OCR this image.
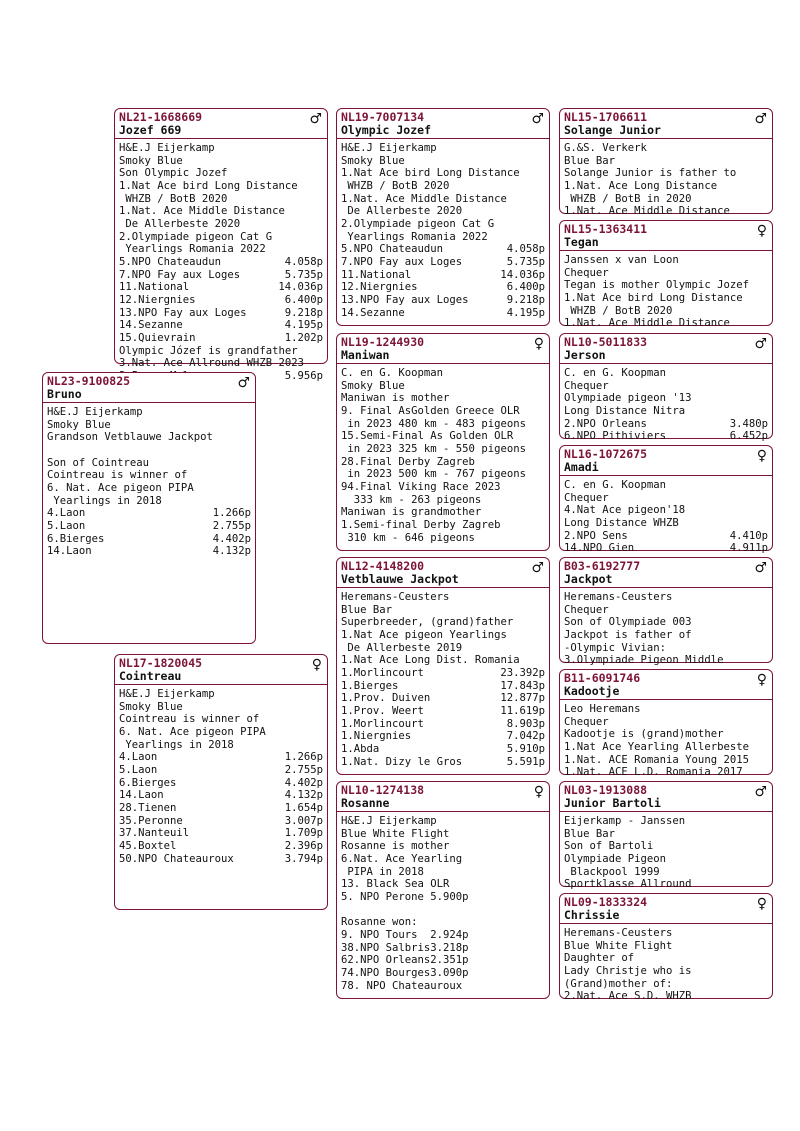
NL21-1668669
Jozef 669
♂
H&E.J Eijerkamp
Smoky Blue
Son Olympic Jozef
1.Nat Ace bird Long Distance
WHZB / BotB 2020
1.Nat. Ace Middle Distance
De Allerbeste 2020
2.Olympiade pigeon Cat G
Yearlings Romania 2022
5.NPO Chateaudun	4.058p
7.NPO Fay aux Loges	5.735p
11.National	14.036p
12.Niergnies	6.400p
13.NPO Fay aux Loges	9.218p
14.Sezanne	4.195p
15.Quievrain	1.202p
Olympic Józef is grandfather
3.Nat. Ace Allround WHZB 2023
5.956p
NL19-7007134
Olympic Jozef
♂
H&E.J Eijerkamp
Smoky Blue
1.Nat Ace bird Long Distance
WHZB / BotB 2020
1.Nat. Ace Middle Distance
De Allerbeste 2020
2.Olympiade pigeon Cat G
Yearlings Romania 2022
5.NPO Chateaudun	4.058p
7.NPO Fay aux Loges	5.735p
11.National	14.036p
12.Niergnies	6.400p
13.NPO Fay aux Loges	9.218p
14.Sezanne	4.195p
NL15-1706611
Solange Junior
♂
G.&S. Verkerk
Blue Bar
Solange Junior is father to
1.Nat. Ace Long Distance
WHZB / BotB in 2020
1.Nat. Ace Middle Distance
NL15-1363411
Tegan
♀
Janssen x van Loon
Chequer
Tegan is mother Olympic Jozef
1.Nat Ace bird Long Distance
WHZB / BotB 2020
1.Nat. Ace Middle Distance
NL23-9100825
Bruno
♂
H&E.J Eijerkamp
Smoky Blue
Grandson Vetblauwe Jackpot
Son of Cointreau
Cointreau is winner of
6. Nat. Ace pigeon PIPA
Yearlings in 2018
4.Laon	1.266p
5.Laon	2.755p
6.Bierges	4.402p
14.Laon	4.132p
NL19-1244930
Maniwan
♀
C. en G. Koopman
Smoky Blue
Maniwan is mother
9. Final AsGolden Greece OLR
in 2023 480 km - 483 pigeons
15.Semi-Final As Golden OLR
in 2023 325 km - 550 pigeons
28.Final Derby Zagreb
in 2023 500 km - 767 pigeons
94.Final Viking Race 2023
333 km - 263 pigeons
Maniwan is grandmother
1.Semi-final Derby Zagreb
310 km - 646 pigeons
NL10-5011833
Jerson
♂
C. en G. Koopman
Chequer
Olympiade pigeon '13
Long Distance Nitra
2.NPO Orleans	3.480p
6.NPO Pithiviers	6.452p
NL16-1072675
Amadi
♀
C. en G. Koopman
Chequer
4.Nat Ace pigeon'18
Long Distance WHZB
2.NPO Sens	4.410p
14.NPO Gien	4.911p
NL12-4148200
Vetblauwe Jackpot
♂
Heremans-Ceusters
Blue Bar
Superbreeder, (grand)father
1.Nat Ace pigeon Yearlings
De Allerbeste 2019
1.Nat Ace Long Dist. Romania
1.Morlincourt	23.392p
1.Bierges	17.843p
1.Prov. Duiven	12.877p
1.Prov. Weert	11.619p
1.Morlincourt	8.903p
1.Niergnies	7.042p
1.Abda	5.910p
1.Nat. Dizy le Gros	5.591p
B03-6192777
Jackpot
♂
Heremans-Ceusters
Chequer
Son of Olympiade 003
Jackpot is father of
-Olympic Vivian:
3.Olympiade Pigeon Middle
NL17-1820045
Cointreau
♀
H&E.J Eijerkamp
Smoky Blue
Cointreau is winner of
6. Nat. Ace pigeon PIPA
Yearlings in 2018
4.Laon	1.266p
5.Laon	2.755p
6.Bierges	4.402p
14.Laon	4.132p
28.Tienen	1.654p
35.Peronne	3.007p
37.Nanteuil	1.709p
45.Boxtel	2.396p
50.NPO Chateauroux	3.794p
B11-6091746
Kadootje
♀
Leo Heremans
Chequer
Kadootje is (grand)mother
1.Nat Ace Yearling Allerbeste
1.Nat. ACE Romania Young 2015
1.Nat. ACE L.D. Romania 2017
NL10-1274138
Rosanne
♀
H&E.J Eijerkamp
Blue White Flight
Rosanne is mother
6.Nat. Ace Yearling
PIPA in 2018
13. Black Sea OLR
5. NPO Perone 5.900p
Rosanne won:
9. NPO Tours  2.924p
38.NPO Salbris3.218p
62.NPO Orleans2.351p
74.NPO Bourges3.090p
78. NPO Chateauroux
NL03-1913088
Junior Bartoli
♂
Eijerkamp - Janssen
Blue Bar
Son of Bartoli
Olympiade Pigeon
Blackpool 1999
Sportklasse Allround
NL09-1833324
Chrissie
♀
Heremans-Ceusters
Blue White Flight
Daughter of
Lady Christje who is
(Grand)mother of:
2.Nat. Ace S.D. WHZB
